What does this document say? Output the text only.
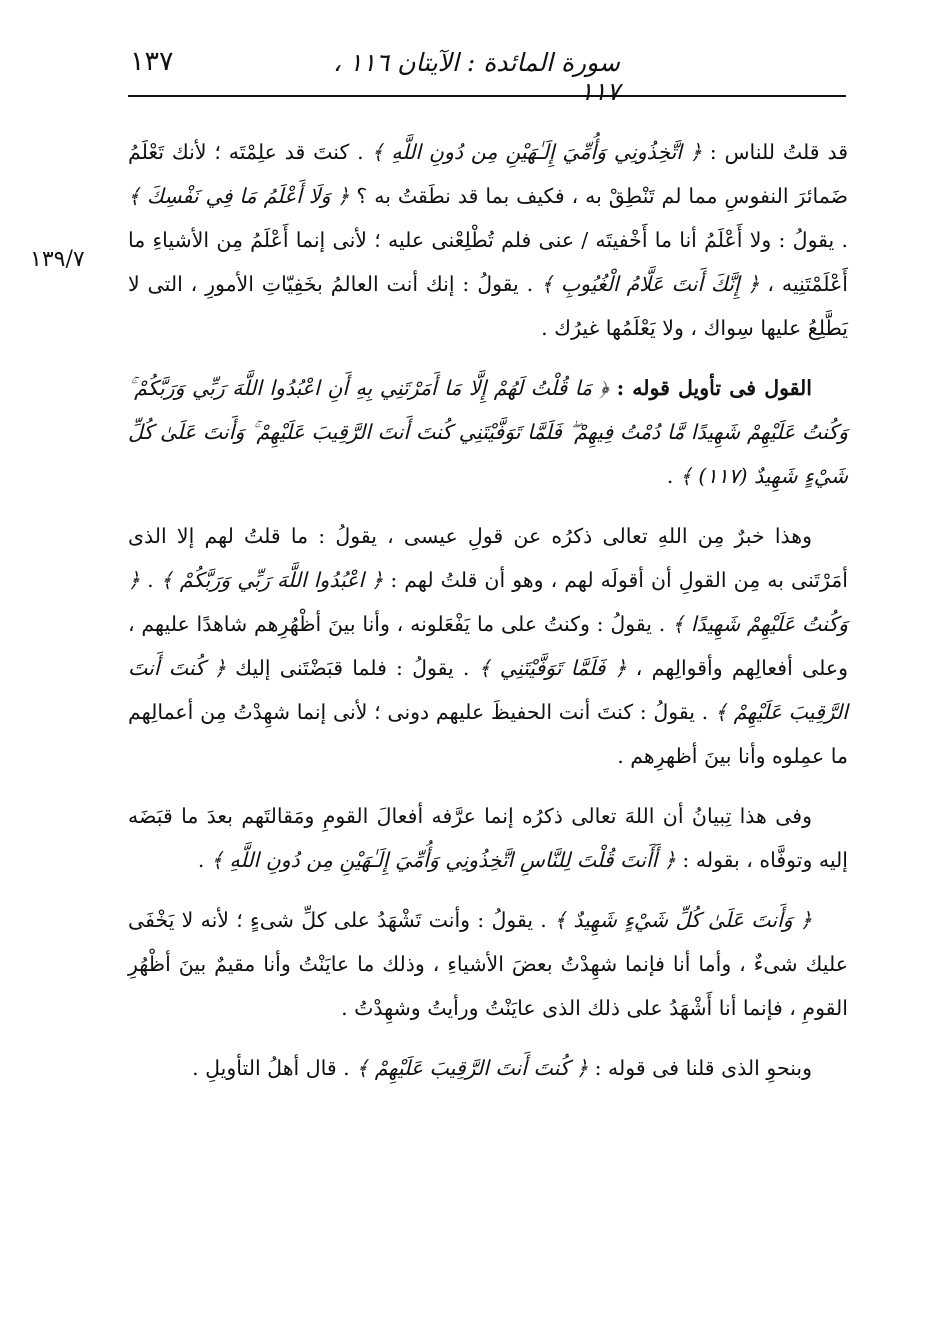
١٣٧	سورة المائدة : الآيتان ١١٦ ، ١١٧
١٣٩/٧

قد قلتُ للناس : ﴿ اتَّخِذُونِي وَأُمِّيَ إِلَـٰهَيْنِ مِن دُونِ اللَّهِ ﴾ . كنتَ قد علِمْتَه ؛ لأنك تَعْلَمُ ضَمائرَ النفوسِ مما لم تَنْطِقْ به ، فكيف بما قد نطَقتُ به ؟ ﴿ وَلَا أَعْلَمُ مَا فِي نَفْسِكَ ﴾ . يقولُ : ولا أَعْلَمُ أنا ما أَخْفيتَه / عنى فلم تُطْلِعْنى عليه ؛ لأنى إنما أَعْلَمُ مِن الأشياءِ ما أَعْلَمْتَنِيه ، ﴿ إِنَّكَ أَنتَ عَلَّامُ الْغُيُوبِ ﴾ . يقولُ : إنك أنت العالمُ بخَفِيّاتِ الأمورِ ، التى لا يَطَّلِعُ عليها سِواك ، ولا يَعْلَمُها غيرُك .

القول فى تأويل قوله : ﴿ مَا قُلْتُ لَهُمْ إِلَّا مَا أَمَرْتَنِي بِهِ أَنِ اعْبُدُوا اللَّهَ رَبِّي وَرَبَّكُمْ ۚ وَكُنتُ عَلَيْهِمْ شَهِيدًا مَّا دُمْتُ فِيهِمْ ۖ فَلَمَّا تَوَفَّيْتَنِي كُنتَ أَنتَ الرَّقِيبَ عَلَيْهِمْ ۚ وَأَنتَ عَلَىٰ كُلِّ شَيْءٍ شَهِيدٌ (١١٧) ﴾ .

وهذا خبرٌ مِن اللهِ تعالى ذكرُه عن قولِ عيسى ، يقولُ : ما قلتُ لهم إلا الذى أمَرْتَنى به مِن القولِ أن أقولَه لهم ، وهو أن قلتُ لهم : ﴿ اعْبُدُوا اللَّهَ رَبِّي وَرَبَّكُمْ ﴾ . ﴿ وَكُنتُ عَلَيْهِمْ شَهِيدًا ﴾ . يقولُ : وكنتُ على ما يَفْعَلونه ، وأنا بينَ أظْهُرِهم شاهدًا عليهم ، وعلى أفعالِهم وأقوالِهم ، ﴿ فَلَمَّا تَوَفَّيْتَنِي ﴾ . يقولُ : فلما قبَضْتَنى إليك ﴿ كُنتَ أَنتَ الرَّقِيبَ عَلَيْهِمْ ﴾ . يقولُ : كنتَ أنت الحفيظَ عليهم دونى ؛ لأنى إنما شهِدْتُ مِن أعمالِهم ما عمِلوه وأنا بينَ أظهرِهم .

وفى هذا تِبيانُ أن اللهَ تعالى ذكرُه إنما عرَّفه أفعالَ القومِ ومَقالتَهم بعدَ ما قبَضَه إليه وتوفَّاه ، بقوله : ﴿ أَأَنتَ قُلْتَ لِلنَّاسِ اتَّخِذُونِي وَأُمِّيَ إِلَـٰهَيْنِ مِن دُونِ اللَّهِ ﴾ .

﴿ وَأَنتَ عَلَىٰ كُلِّ شَيْءٍ شَهِيدٌ ﴾ . يقولُ : وأنت تَشْهَدُ على كلِّ شىءٍ ؛ لأنه لا يَخْفَى عليك شىءٌ ، وأما أنا فإنما شهِدْتُ بعضَ الأشياءِ ، وذلك ما عايَنْتُ وأنا مقيمٌ بينَ أظْهُرِ القومِ ، فإنما أنا أَشْهَدُ على ذلك الذى عايَنْتُ ورأيتُ وشهِدْتُ .

وبنحوِ الذى قلنا فى قوله : ﴿ كُنتَ أَنتَ الرَّقِيبَ عَلَيْهِمْ ﴾ . قال أهلُ التأويلِ .
